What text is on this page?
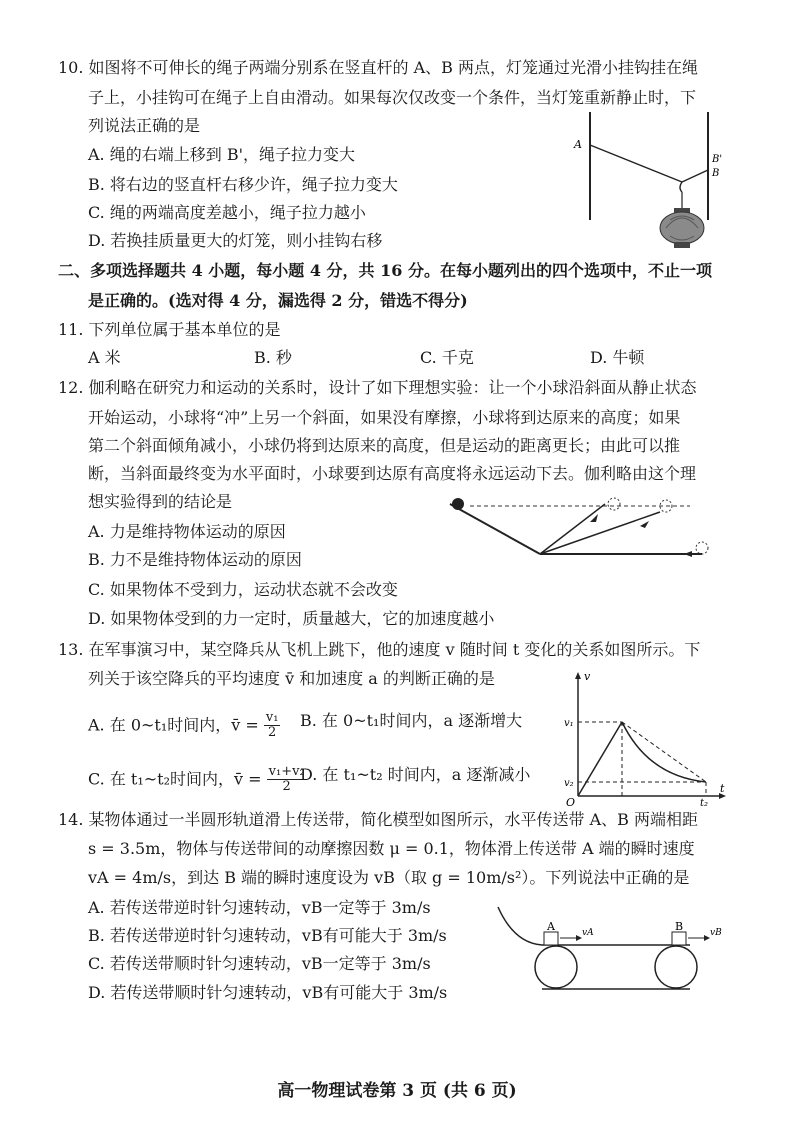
10. 如图将不可伸长的绳子两端分别系在竖直杆的 A、B 两点，灯笼通过光滑小挂钩挂在绳
子上，小挂钩可在绳子上自由滑动。如果每次仅改变一个条件，当灯笼重新静止时，下
列说法正确的是
A. 绳的右端上移到 B'，绳子拉力变大
B. 将右边的竖直杆右移少许，绳子拉力变大
C. 绳的两端高度差越小，绳子拉力越小
D. 若换挂质量更大的灯笼，则小挂钩右移
A
B'
B
二、多项选择题共 4 小题，每小题 4 分，共 16 分。在每小题列出的四个选项中，不止一项
是正确的。(选对得 4 分，漏选得 2 分，错选不得分)
11. 下列单位属于基本单位的是
A 米	B. 秒	C. 千克	D. 牛顿
12. 伽利略在研究力和运动的关系时，设计了如下理想实验：让一个小球沿斜面从静止状态
开始运动，小球将“冲”上另一个斜面，如果没有摩擦，小球将到达原来的高度；如果
第二个斜面倾角减小，小球仍将到达原来的高度，但是运动的距离更长；由此可以推
断，当斜面最终变为水平面时，小球要到达原有高度将永远运动下去。伽利略由这个理
想实验得到的结论是
A. 力是维持物体运动的原因
B. 力不是维持物体运动的原因
C. 如果物体不受到力，运动状态就不会改变
D. 如果物体受到的力一定时，质量越大，它的加速度越小
13. 在军事演习中，某空降兵从飞机上跳下，他的速度 v 随时间 t 变化的关系如图所示。下
列关于该空降兵的平均速度 v̄ 和加速度 a 的判断正确的是
A. 在 0~t₁时间内，v̄ = $\frac{\text{v₁}}{2} B$. 在 0~t₁时间内，a 逐渐增大
C. 在 t₁~t₂时间内，v̄ = $\frac{\text{v₁+v₂}}{2}$
D. 在 t₁~t₂ 时间内，a 逐渐减小
v
t
O
v₁
v₂
t₂
14. 某物体通过一半圆形轨道滑上传送带，简化模型如图所示，水平传送带 A、B 两端相距
s = 3.5m，物体与传送带间的动摩擦因数 μ = 0.1，物体滑上传送带 A 端的瞬时速度
vA = 4m/s，到达 B 端的瞬时速度设为 vB（取 g = 10m/s²）。下列说法中正确的是
A. 若传送带逆时针匀速转动，vB一定等于 3m/s
B. 若传送带逆时针匀速转动，vB有可能大于 3m/s
C. 若传送带顺时针匀速转动，vB一定等于 3m/s
D. 若传送带顺时针匀速转动，vB有可能大于 3m/s
A	B
vA	vB
高一物理试卷第 3 页 (共 6 页)
